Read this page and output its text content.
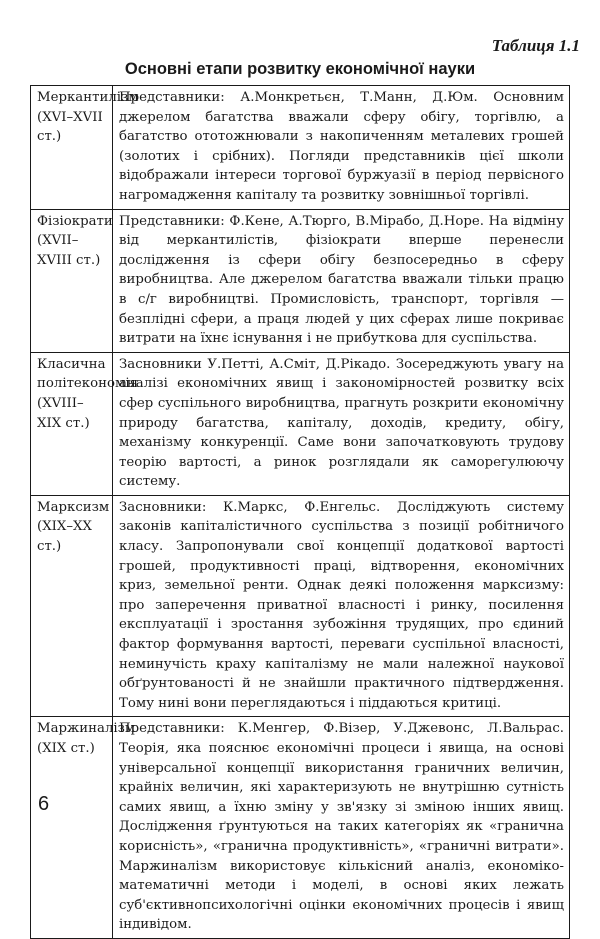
Таблиця 1.1
Основні етапи розвитку економічної науки
Меркантилізм (XVI–XVII ст.)	Представники: А.Монкретьєн, Т.Манн, Д.Юм. Основним джерелом багатства вважали сферу обігу, торгівлю, а багатство ототожнювали з накопиченням металевих грошей (золотих і срібних). Погляди представників цієї школи відображали інтереси торгової буржуазії в період первісного нагромадження капіталу та розвитку зовнішньої торгівлі.
Фізіократи (XVII–XVIII ст.)	Представники: Ф.Кене, А.Тюрго, В.Мірабо, Д.Норе. На відміну від меркантилістів, фізіократи вперше перенесли дослідження із сфери обігу безпосередньо в сферу виробництва. Але джерелом багатства вважали тільки працю в с/г виробництві. Промисловість, транспорт, торгівля — безплідні сфери, а праця людей у цих сферах лише покриває витрати на їхнє існування і не прибуткова для суспільства.
Класична політекономія (XVIII–XIX ст.)	Засновники У.Петті, А.Сміт, Д.Рікадо. Зосереджують увагу на аналізі економічних явищ і закономірностей розвитку всіх сфер суспільного виробництва, прагнуть розкрити економічну природу багатства, капіталу, доходів, кредиту, обігу, механізму конкуренції. Саме вони започатковують трудову теорію вартості, а ринок розглядали як саморегулюючу систему.
Марксизм (XIX–XX ст.)	Засновники: К.Маркс, Ф.Енгельс. Досліджують систему законів капіталістичного суспільства з позиції робітничого класу. Запропонували свої концепції додаткової вартості грошей, продуктивності праці, відтворення, економічних криз, земельної ренти. Однак деякі положення марксизму: про заперечення приватної власності і ринку, посилення експлуатації і зростання зубожіння трудящих, про єдиний фактор формування вартості, переваги суспільної власності, неминучість краху капіталізму не мали належної наукової обґрунтованості й не знайшли практичного підтвердження. Тому нині вони переглядаються і піддаються критиці.
Маржиналізм (XIX ст.)	Представники: К.Менгер, Ф.Візер, У.Джевонс, Л.Вальрас. Теорія, яка пояснює економічні процеси і явища, на основі універсальної концепції використання граничних величин, крайніх величин, які характеризують не внутрішню сутність самих явищ, а їхню зміну у зв'язку зі зміною інших явищ. Дослідження ґрунтуються на таких категоріях як «гранична корисність», «гранична продуктивність», «граничні витрати». Маржиналізм використовує кількісний аналіз, економіко-математичні методи і моделі, в основі яких лежать суб'єктивнопсихологічні оцінки економічних процесів і явищ індивідом.
6
